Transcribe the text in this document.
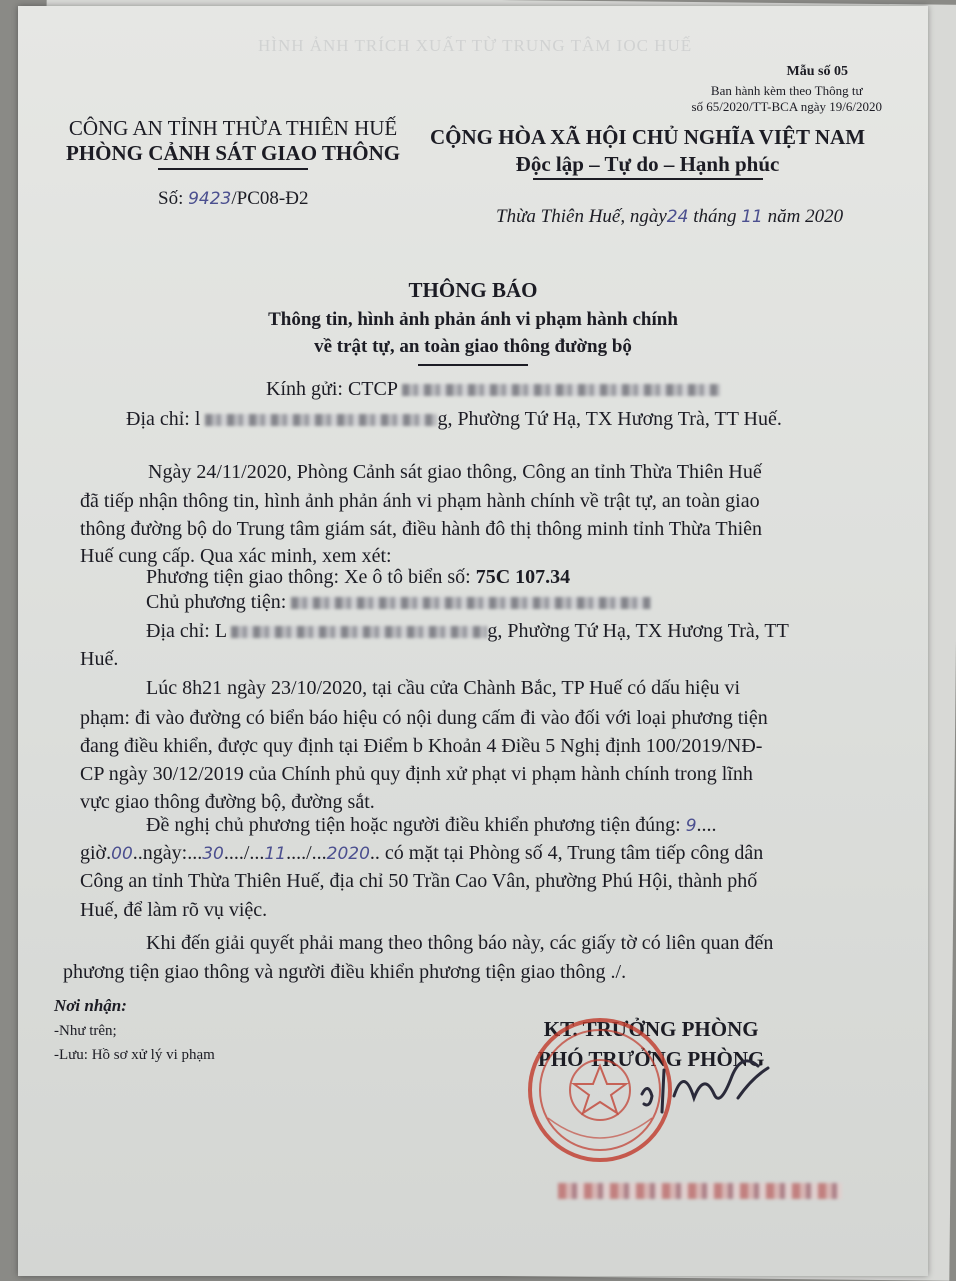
HÌNH ẢNH TRÍCH XUẤT TỪ TRUNG TÂM IOC HUẾ
Mẫu số 05
Ban hành kèm theo Thông tư
số 65/2020/TT-BCA ngày 19/6/2020
CÔNG AN TỈNH THỪA THIÊN HUẾ
PHÒNG CẢNH SÁT GIAO THÔNG
CỘNG HÒA XÃ HỘI CHỦ NGHĨA VIỆT NAM
Độc lập – Tự do – Hạnh phúc
Số: 9423/PC08-Đ2
Thừa Thiên Huế, ngày24 tháng 11 năm 2020
THÔNG BÁO
Thông tin, hình ảnh phản ánh vi phạm hành chính
về trật tự, an toàn giao thông đường bộ
Kính gửi: CTCP
Địa chỉ: l	g, Phường Tứ Hạ, TX Hương Trà, TT Huế.
Ngày 24/11/2020, Phòng Cảnh sát giao thông, Công an tỉnh Thừa Thiên Huế
đã tiếp nhận thông tin, hình ảnh phản ánh vi phạm hành chính về trật tự, an toàn giao
thông đường bộ do Trung tâm giám sát, điều hành đô thị thông minh tỉnh Thừa Thiên
Huế cung cấp. Qua xác minh, xem xét:
Phương tiện giao thông: Xe ô tô biển số: 75C 107.34
Chủ phương tiện:
Địa chỉ: L	g, Phường Tứ Hạ, TX Hương Trà, TT
Huế.
Lúc 8h21 ngày 23/10/2020, tại cầu cửa Chành Bắc, TP Huế có dấu hiệu vi
phạm: đi vào đường có biển báo hiệu có nội dung cấm đi vào đối với loại phương tiện
đang điều khiển, được quy định tại Điểm b Khoản 4 Điều 5 Nghị định 100/2019/NĐ-
CP ngày 30/12/2019 của Chính phủ quy định xử phạt vi phạm hành chính trong lĩnh
vực giao thông đường bộ, đường sắt.
Đề nghị chủ phương tiện hoặc người điều khiển phương tiện đúng: 9....
giờ.00..ngày:...30..../...11..../...2020.. có mặt tại Phòng số 4, Trung tâm tiếp công dân
Công an tỉnh Thừa Thiên Huế, địa chỉ 50 Trần Cao Vân, phường Phú Hội, thành phố
Huế, để làm rõ vụ việc.
Khi đến giải quyết phải mang theo thông báo này, các giấy tờ có liên quan đến
phương tiện giao thông và người điều khiển phương tiện giao thông ./.
Nơi nhận:
-Như trên;
-Lưu: Hồ sơ xử lý vi phạm
KT. TRƯỞNG PHÒNG
PHÓ TRƯỞNG PHÒNG
